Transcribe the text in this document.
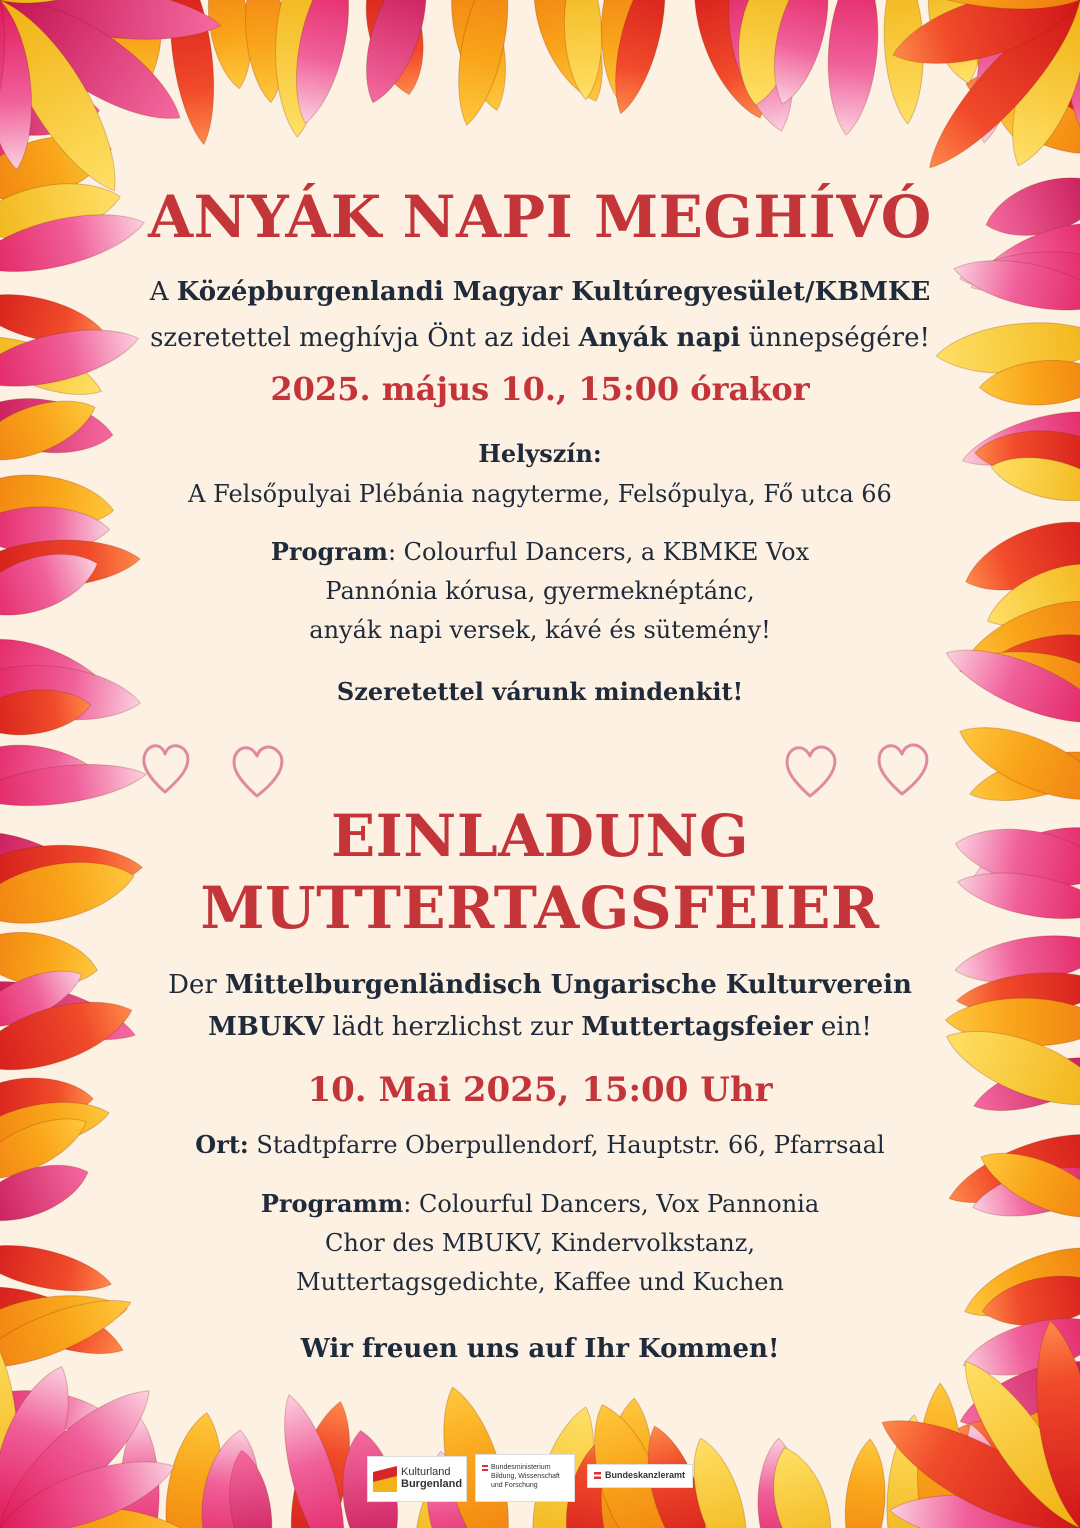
ANYÁK NAPI MEGHÍVÓ
A Középburgenlandi Magyar Kultúregyesület/KBMKE
szeretettel meghívja Önt az idei Anyák napi ünnepségére!
2025. május 10., 15:00 órakor
Helyszín:
A Felsőpulyai Plébánia nagyterme, Felsőpulya, Fő utca 66
Program: Colourful Dancers, a KBMKE Vox
Pannónia kórusa, gyermeknéptánc,
anyák napi versek, kávé és sütemény!
Szeretettel várunk mindenkit!
EINLADUNG
MUTTERTAGSFEIER
Der Mittelburgenländisch Ungarische Kulturverein
MBUKV lädt herzlichst zur Muttertagsfeier ein!
10. Mai 2025, 15:00 Uhr
Ort: Stadtpfarre Oberpullendorf, Hauptstr. 66, Pfarrsaal
Programm: Colourful Dancers, Vox Pannonia
Chor des MBUKV, Kindervolkstanz,
Muttertagsgedichte, Kaffee und Kuchen
Wir freuen uns auf Ihr Kommen!
Kulturland
Burgenland
Bundesministerium
Bildung, Wissenschaft
und Forschung
Bundeskanzleramt
